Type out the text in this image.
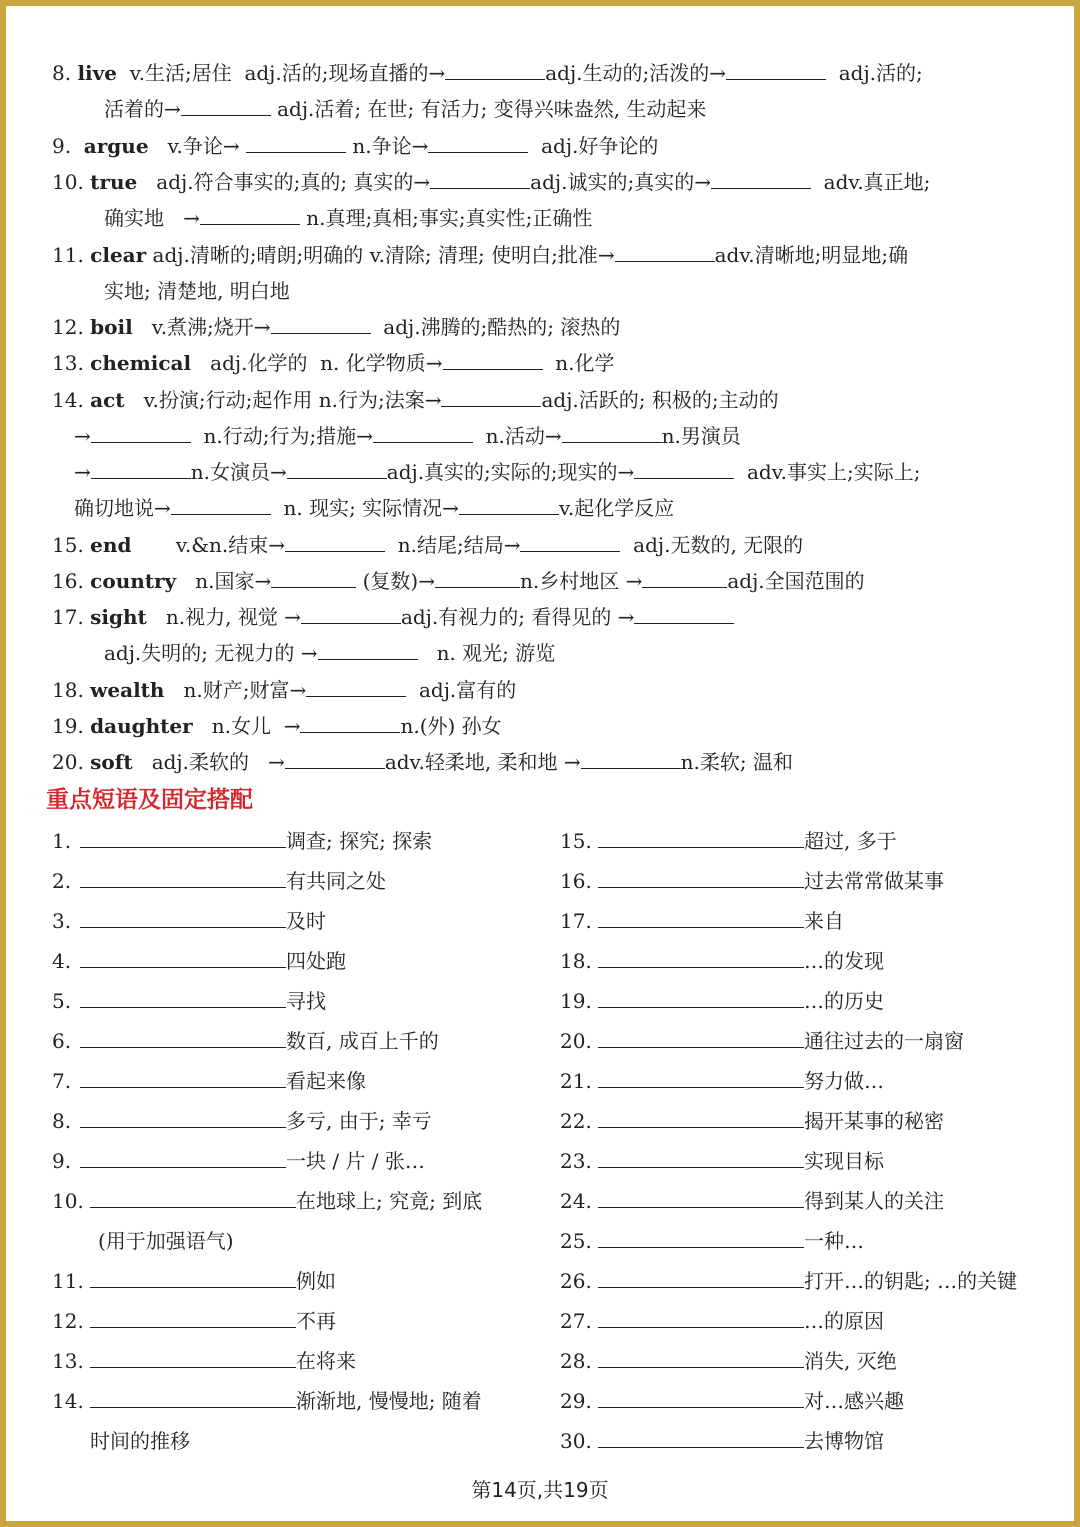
8. live  v.生活;居住  adj.活的;现场直播的→	adj.生动的;活泼的→	adj.活的;
活着的→	adj.活着; 在世; 有活力; 变得兴味盎然, 生动起来
9.  argue   v.争论→	n.争论→	adj.好争论的
10. true   adj.符合事实的;真的; 真实的→	adj.诚实的;真实的→	adv.真正地;
确实地   →	n.真理;真相;事实;真实性;正确性
11. clear adj.清晰的;晴朗;明确的 v.清除; 清理; 使明白;批准→	adv.清晰地;明显地;确
实地; 清楚地, 明白地
12. boil   v.煮沸;烧开→	adj.沸腾的;酷热的; 滚热的
13. chemical   adj.化学的  n. 化学物质→	n.化学
14. act   v.扮演;行动;起作用 n.行为;法案→	adj.活跃的; 积极的;主动的
→	n.行动;行为;措施→	n.活动→	n.男演员
→	n.女演员→	adj.真实的;实际的;现实的→	adv.事实上;实际上;
确切地说→	n. 现实; 实际情况→	v.起化学反应
15. end       v.&n.结束→	n.结尾;结局→	adj.无数的, 无限的
16. country   n.国家→	(复数)→	n.乡村地区 →	adj.全国范围的
17. sight   n.视力, 视觉 →	adj.有视力的; 看得见的 →
adj.失明的; 无视力的 →	n. 观光; 游览
18. wealth   n.财产;财富→	adj.富有的
19. daughter   n.女儿  →	n.(外) 孙女
20. soft   adj.柔软的   →	adv.轻柔地, 柔和地 →	n.柔软; 温和
重点短语及固定搭配
1.	调查; 探究; 探索
2.	有共同之处
3.	及时
4.	四处跑
5.	寻找
6.	数百, 成百上千的
7.	看起来像
8.	多亏, 由于; 幸亏
9.	一块 / 片 / 张…
10.	在地球上; 究竟; 到底
(用于加强语气)
11.	例如
12.	不再
13.	在将来
14.	渐渐地, 慢慢地; 随着
时间的推移
15.	超过, 多于
16.	过去常常做某事
17.	来自
18.	…的发现
19.	…的历史
20.	通往过去的一扇窗
21.	努力做…
22.	揭开某事的秘密
23.	实现目标
24.	得到某人的关注
25.	一种…
26.	打开…的钥匙; …的关键
27.	…的原因
28.	消失, 灭绝
29.	对…感兴趣
30.	去博物馆
第14页,共19页
